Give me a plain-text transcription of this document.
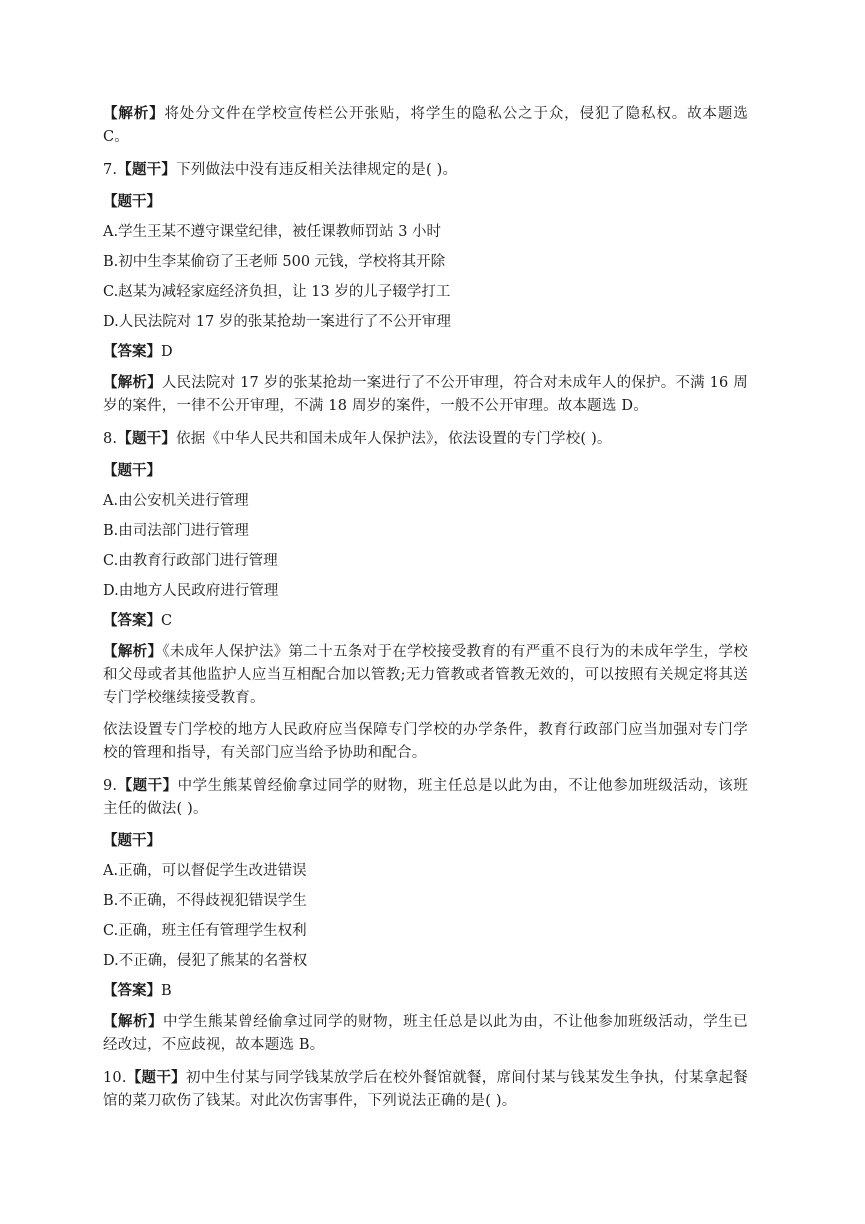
【解析】将处分文件在学校宣传栏公开张贴，将学生的隐私公之于众，侵犯了隐私权。故本题选 C。

7.【题干】下列做法中没有违反相关法律规定的是( )。

【题干】

A.学生王某不遵守课堂纪律，被任课教师罚站 3 小时

B.初中生李某偷窃了王老师 500 元钱，学校将其开除

C.赵某为减轻家庭经济负担，让 13 岁的儿子辍学打工

D.人民法院对 17 岁的张某抢劫一案进行了不公开审理

【答案】D

【解析】人民法院对 17 岁的张某抢劫一案进行了不公开审理，符合对未成年人的保护。不满 16 周岁的案件，一律不公开审理，不满 18 周岁的案件，一般不公开审理。故本题选 D。

8.【题干】依据《中华人民共和国未成年人保护法》，依法设置的专门学校( )。

【题干】

A.由公安机关进行管理

B.由司法部门进行管理

C.由教育行政部门进行管理

D.由地方人民政府进行管理

【答案】C

【解析】《未成年人保护法》第二十五条对于在学校接受教育的有严重不良行为的未成年学生，学校和父母或者其他监护人应当互相配合加以管教;无力管教或者管教无效的，可以按照有关规定将其送专门学校继续接受教育。

依法设置专门学校的地方人民政府应当保障专门学校的办学条件，教育行政部门应当加强对专门学校的管理和指导，有关部门应当给予协助和配合。

9.【题干】中学生熊某曾经偷拿过同学的财物，班主任总是以此为由，不让他参加班级活动，该班主任的做法( )。

【题干】

A.正确，可以督促学生改进错误

B.不正确，不得歧视犯错误学生

C.正确，班主任有管理学生权利

D.不正确，侵犯了熊某的名誉权

【答案】B

【解析】中学生熊某曾经偷拿过同学的财物，班主任总是以此为由，不让他参加班级活动，学生已经改过，不应歧视，故本题选 B。

10.【题干】初中生付某与同学钱某放学后在校外餐馆就餐，席间付某与钱某发生争执，付某拿起餐馆的菜刀砍伤了钱某。对此次伤害事件，下列说法正确的是( )。
